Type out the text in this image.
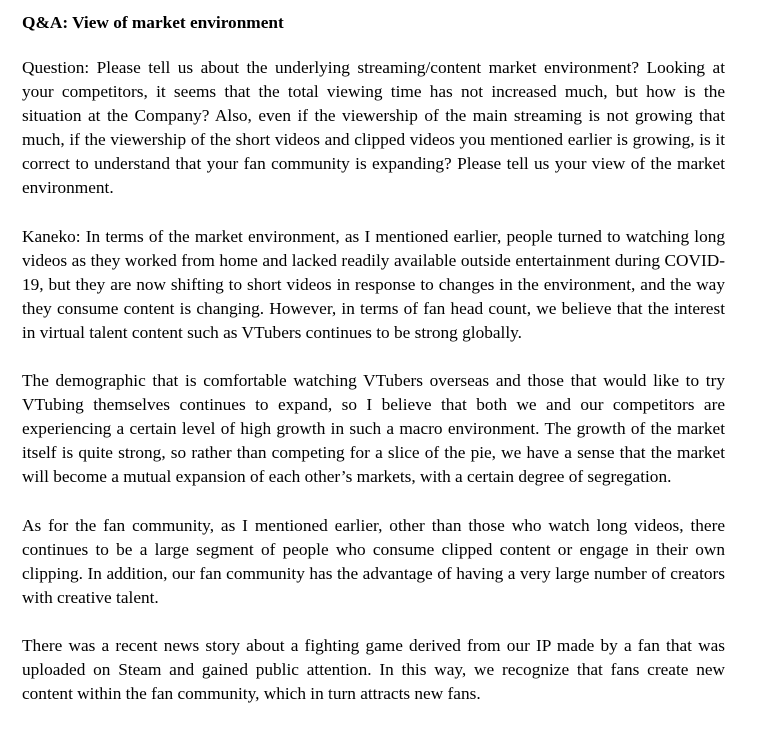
Q&A: View of market environment

Question: Please tell us about the underlying streaming/content market environment? Looking at your competitors, it seems that the total viewing time has not increased much, but how is the situation at the Company? Also, even if the viewership of the main streaming is not growing that much, if the viewership of the short videos and clipped videos you mentioned earlier is growing, is it correct to understand that your fan community is expanding? Please tell us your view of the market environment.

Kaneko: In terms of the market environment, as I mentioned earlier, people turned to watching long videos as they worked from home and lacked readily available outside entertainment during COVID-19, but they are now shifting to short videos in response to changes in the environment, and the way they consume content is changing. However, in terms of fan head count, we believe that the interest in virtual talent content such as VTubers continues to be strong globally.

The demographic that is comfortable watching VTubers overseas and those that would like to try VTubing themselves continues to expand, so I believe that both we and our competitors are experiencing a certain level of high growth in such a macro environment. The growth of the market itself is quite strong, so rather than competing for a slice of the pie, we have a sense that the market will become a mutual expansion of each other’s markets, with a certain degree of segregation.

As for the fan community, as I mentioned earlier, other than those who watch long videos, there continues to be a large segment of people who consume clipped content or engage in their own clipping. In addition, our fan community has the advantage of having a very large number of creators with creative talent.

There was a recent news story about a fighting game derived from our IP made by a fan that was uploaded on Steam and gained public attention. In this way, we recognize that fans create new content within the fan community, which in turn attracts new fans.
